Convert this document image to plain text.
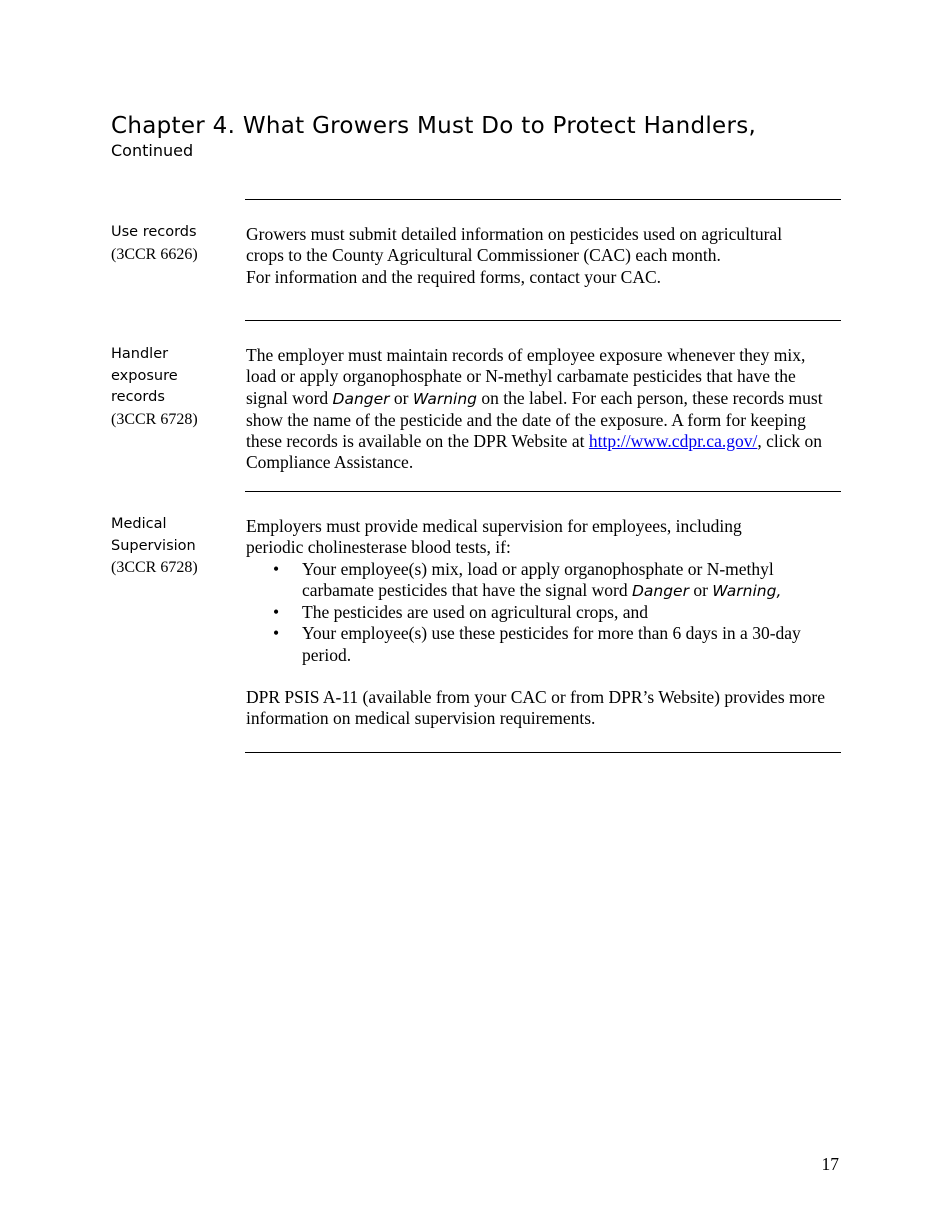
Chapter 4. What Growers Must Do to Protect Handlers,
Continued
Use records
(3CCR 6626)

Growers must submit detailed information on pesticides used on agricultural

crops to the County Agricultural Commissioner (CAC) each month.

For information and the required forms, contact your CAC.

Handler
exposure
records
(3CCR 6728)

The employer must maintain records of employee exposure whenever they mix, load or apply organophosphate or N-methyl carbamate pesticides that have the signal word Danger or Warning on the label. For each person, these records must show the name of the pesticide and the date of the exposure. A form for keeping these records is available on the DPR Website at http://www.cdpr.ca.gov/, click on Compliance Assistance.

Medical
Supervision
(3CCR 6728)

Employers must provide medical supervision for employees, including

periodic cholinesterase blood tests, if:

• Your employee(s) mix, load or apply organophosphate or N-methyl carbamate pesticides that have the signal word Danger or Warning,
• The pesticides are used on agricultural crops, and
• Your employee(s) use these pesticides for more than 6 days in a 30-day period.

DPR PSIS A-11 (available from your CAC or from DPR’s Website) provides more information on medical supervision requirements.

17
